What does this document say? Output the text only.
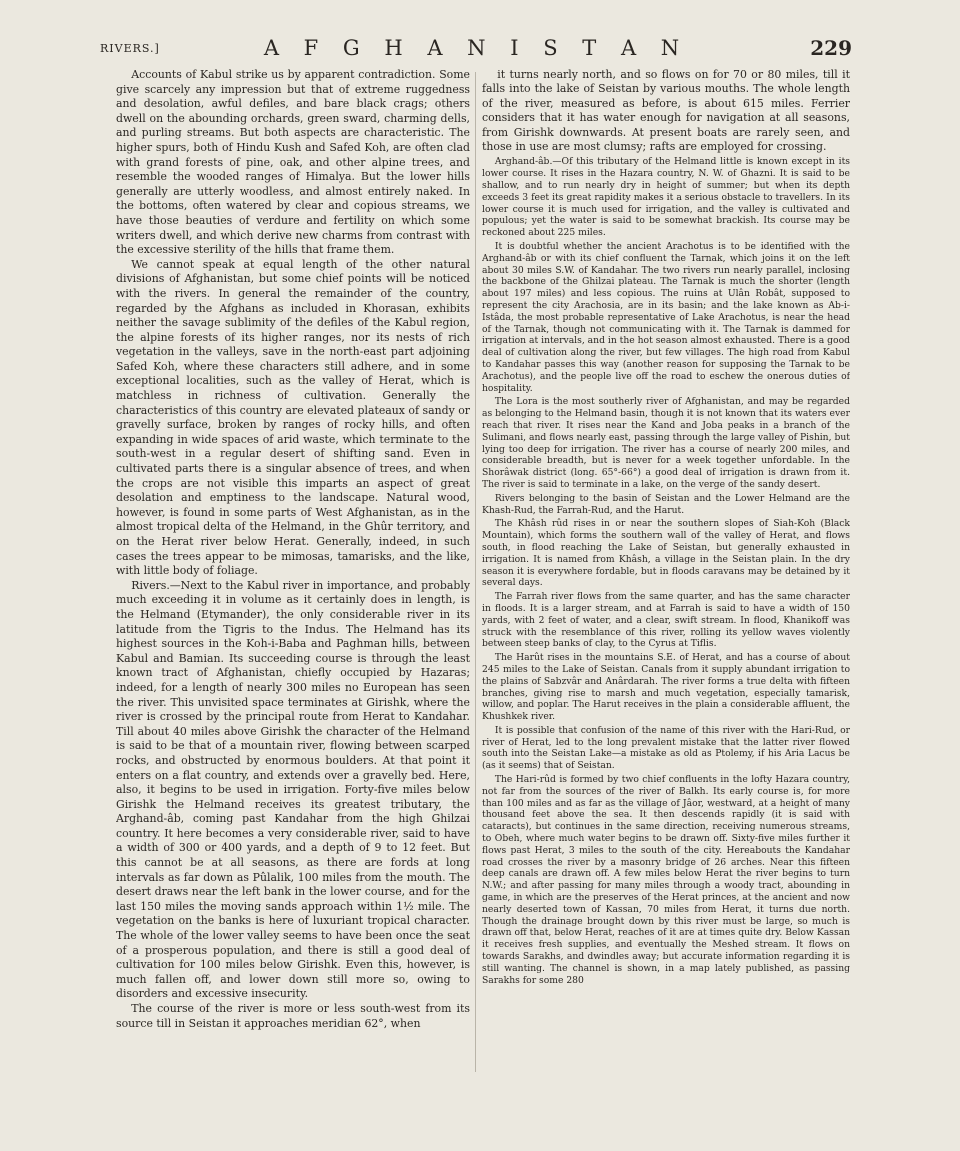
RIVERS.]	A F G H A N I S T A N	229

Accounts of Kabul strike us by apparent contradiction. Some give scarcely any impression but that of extreme ruggedness and desolation, awful defiles, and bare black crags; others dwell on the abounding orchards, green sward, charming dells, and purling streams. But both aspects are characteristic. The higher spurs, both of Hindu Kush and Safed Koh, are often clad with grand forests of pine, oak, and other alpine trees, and resemble the wooded ranges of Himalya. But the lower hills generally are utterly woodless, and almost entirely naked. In the bottoms, often watered by clear and copious streams, we have those beauties of verdure and fertility on which some writers dwell, and which derive new charms from contrast with the excessive sterility of the hills that frame them.

We cannot speak at equal length of the other natural divisions of Afghanistan, but some chief points will be noticed with the rivers. In general the remainder of the country, regarded by the Afghans as included in Khorasan, exhibits neither the savage sublimity of the defiles of the Kabul region, the alpine forests of its higher ranges, nor its nests of rich vegetation in the valleys, save in the north-east part adjoining Safed Koh, where these characters still adhere, and in some exceptional localities, such as the valley of Herat, which is matchless in richness of cultivation. Generally the characteristics of this country are elevated plateaux of sandy or gravelly surface, broken by ranges of rocky hills, and often expanding in wide spaces of arid waste, which terminate to the south-west in a regular desert of shifting sand. Even in cultivated parts there is a singular absence of trees, and when the crops are not visible this imparts an aspect of great desolation and emptiness to the landscape. Natural wood, however, is found in some parts of West Afghanistan, as in the almost tropical delta of the Helmand, in the Ghûr territory, and on the Herat river below Herat. Generally, indeed, in such cases the trees appear to be mimosas, tamarisks, and the like, with little body of foliage.

Rivers.—Next to the Kabul river in importance, and probably much exceeding it in volume as it certainly does in length, is the Helmand (Etymander), the only considerable river in its latitude from the Tigris to the Indus. The Helmand has its highest sources in the Koh-i-Baba and Paghman hills, between Kabul and Bamian. Its succeeding course is through the least known tract of Afghanistan, chiefly occupied by Hazaras; indeed, for a length of nearly 300 miles no European has seen the river. This unvisited space terminates at Girishk, where the river is crossed by the principal route from Herat to Kandahar. Till about 40 miles above Girishk the character of the Helmand is said to be that of a mountain river, flowing between scarped rocks, and obstructed by enormous boulders. At that point it enters on a flat country, and extends over a gravelly bed. Here, also, it begins to be used in irrigation. Forty-five miles below Girishk the Helmand receives its greatest tributary, the Arghand-âb, coming past Kandahar from the high Ghilzai country. It here becomes a very considerable river, said to have a width of 300 or 400 yards, and a depth of 9 to 12 feet. But this cannot be at all seasons, as there are fords at long intervals as far down as Pûlalik, 100 miles from the mouth. The desert draws near the left bank in the lower course, and for the last 150 miles the moving sands approach within 1½ mile. The vegetation on the banks is here of luxuriant tropical character. The whole of the lower valley seems to have been once the seat of a prosperous population, and there is still a good deal of cultivation for 100 miles below Girishk. Even this, however, is much fallen off, and lower down still more so, owing to disorders and excessive insecurity.

The course of the river is more or less south-west from its source till in Seistan it approaches meridian 62°, when

it turns nearly north, and so flows on for 70 or 80 miles, till it falls into the lake of Seistan by various mouths. The whole length of the river, measured as before, is about 615 miles. Ferrier considers that it has water enough for navigation at all seasons, from Girishk downwards. At present boats are rarely seen, and those in use are most clumsy; rafts are employed for crossing.

Arghand-âb.—Of this tributary of the Helmand little is known except in its lower course. It rises in the Hazara country, N. W. of Ghazni. It is said to be shallow, and to run nearly dry in height of summer; but when its depth exceeds 3 feet its great rapidity makes it a serious obstacle to travellers. In its lower course it is much used for irrigation, and the valley is cultivated and populous; yet the water is said to be somewhat brackish. Its course may be reckoned about 225 miles.

It is doubtful whether the ancient Arachotus is to be identified with the Arghand-âb or with its chief confluent the Tarnak, which joins it on the left about 30 miles S.W. of Kandahar. The two rivers run nearly parallel, inclosing the backbone of the Ghilzai plateau. The Tarnak is much the shorter (length about 197 miles) and less copious. The ruins at Ulân Robât, supposed to represent the city Arachosia, are in its basin; and the lake known as Ab-i-Istâda, the most probable representative of Lake Arachotus, is near the head of the Tarnak, though not communicating with it. The Tarnak is dammed for irrigation at intervals, and in the hot season almost exhausted. There is a good deal of cultivation along the river, but few villages. The high road from Kabul to Kandahar passes this way (another reason for supposing the Tarnak to be Arachotus), and the people live off the road to eschew the onerous duties of hospitality.

The Lora is the most southerly river of Afghanistan, and may be regarded as belonging to the Helmand basin, though it is not known that its waters ever reach that river. It rises near the Kand and Joba peaks in a branch of the Sulimani, and flows nearly east, passing through the large valley of Pishin, but lying too deep for irrigation. The river has a course of nearly 200 miles, and considerable breadth, but is never for a week together unfordable. In the Shorâwak district (long. 65°-66°) a good deal of irrigation is drawn from it. The river is said to terminate in a lake, on the verge of the sandy desert.

Rivers belonging to the basin of Seistan and the Lower Helmand are the Khash-Rud, the Farrah-Rud, and the Harut.

The Khâsh rûd rises in or near the southern slopes of Siah-Koh (Black Mountain), which forms the southern wall of the valley of Herat, and flows south, in flood reaching the Lake of Seistan, but generally exhausted in irrigation. It is named from Khâsh, a village in the Seistan plain. In the dry season it is everywhere fordable, but in floods caravans may be detained by it several days.

The Farrah river flows from the same quarter, and has the same character in floods. It is a larger stream, and at Farrah is said to have a width of 150 yards, with 2 feet of water, and a clear, swift stream. In flood, Khanikoff was struck with the resemblance of this river, rolling its yellow waves violently between steep banks of clay, to the Cyrus at Tiflis.

The Harût rises in the mountains S.E. of Herat, and has a course of about 245 miles to the Lake of Seistan. Canals from it supply abundant irrigation to the plains of Sabzvâr and Anârdarah. The river forms a true delta with fifteen branches, giving rise to marsh and much vegetation, especially tamarisk, willow, and poplar. The Harut receives in the plain a considerable affluent, the Khushkek river.

It is possible that confusion of the name of this river with the Hari-Rud, or river of Herat, led to the long prevalent mistake that the latter river flowed south into the Seistan Lake—a mistake as old as Ptolemy, if his Aria Lacus be (as it seems) that of Seistan.

The Hari-rûd is formed by two chief confluents in the lofty Hazara country, not far from the sources of the river of Balkh. Its early course is, for more than 100 miles and as far as the village of Jâor, westward, at a height of many thousand feet above the sea. It then descends rapidly (it is said with cataracts), but continues in the same direction, receiving numerous streams, to Obeh, where much water begins to be drawn off. Sixty-five miles further it flows past Herat, 3 miles to the south of the city. Hereabouts the Kandahar road crosses the river by a masonry bridge of 26 arches. Near this fifteen deep canals are drawn off. A few miles below Herat the river begins to turn N.W.; and after passing for many miles through a woody tract, abounding in game, in which are the preserves of the Herat princes, at the ancient and now nearly deserted town of Kassan, 70 miles from Herat, it turns due north. Though the drainage brought down by this river must be large, so much is drawn off that, below Herat, reaches of it are at times quite dry. Below Kassan it receives fresh supplies, and eventually the Meshed stream. It flows on towards Sarakhs, and dwindles away; but accurate information regarding it is still wanting. The channel is shown, in a map lately published, as passing Sarakhs for some 280
